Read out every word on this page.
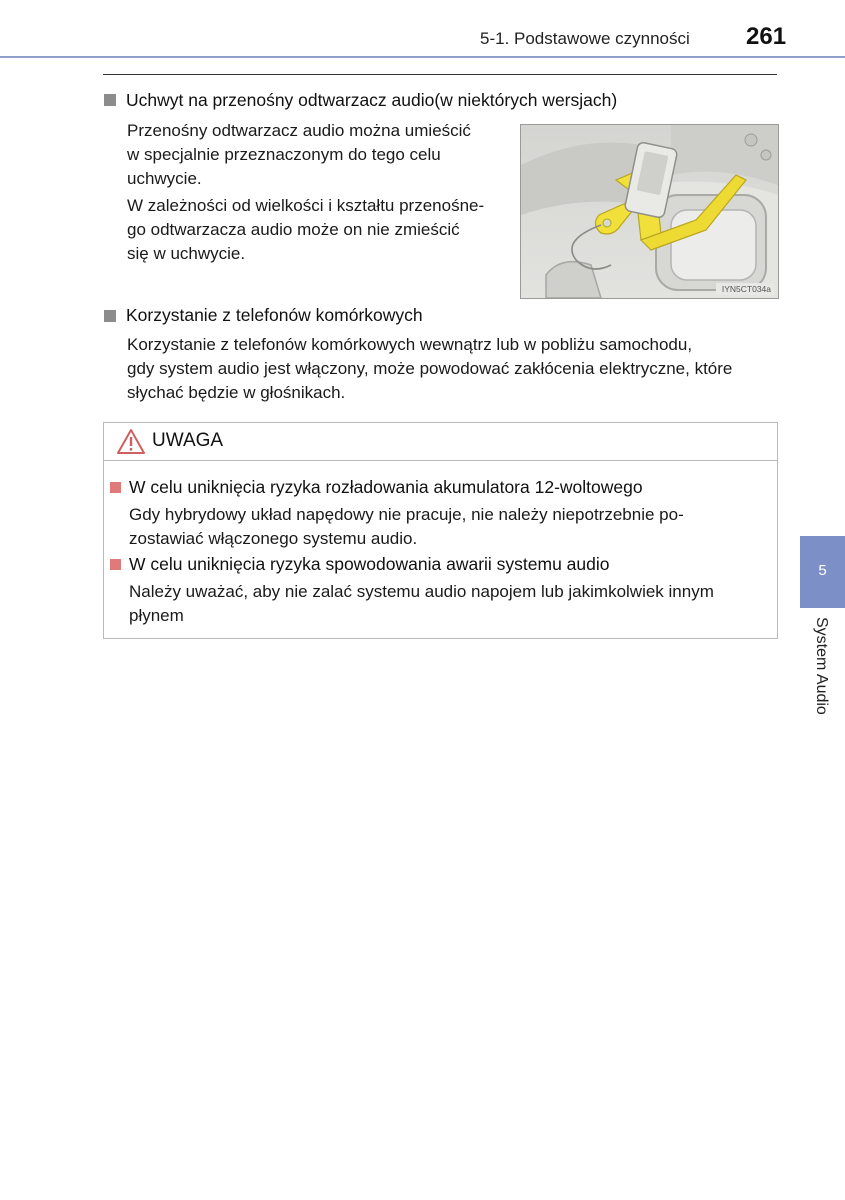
5-1. Podstawowe czynności 261
Uchwyt na przenośny odtwarzacz audio(w niektórych wersjach)

Przenośny odtwarzacz audio można umieścić
w specjalnie przeznaczonym do tego celu
uchwycie.

W zależności od wielkości i kształtu przenośne-
go odtwarzacza audio może on nie zmieścić
się w uchwycie.

IYN5CT034a
Korzystanie z telefonów komórkowych

Korzystanie z telefonów komórkowych wewnątrz lub w pobliżu samochodu,
gdy system audio jest włączony, może powodować zakłócenia elektryczne, które
słychać będzie w głośnikach.

UWAGA
W celu uniknięcia ryzyka rozładowania akumulatora 12-woltowego

Gdy hybrydowy układ napędowy nie pracuje, nie należy niepotrzebnie po-
zostawiać włączonego systemu audio.

W celu uniknięcia ryzyka spowodowania awarii systemu audio

Należy uważać, aby nie zalać systemu audio napojem lub jakimkolwiek innym
płynem

5
System Audio
